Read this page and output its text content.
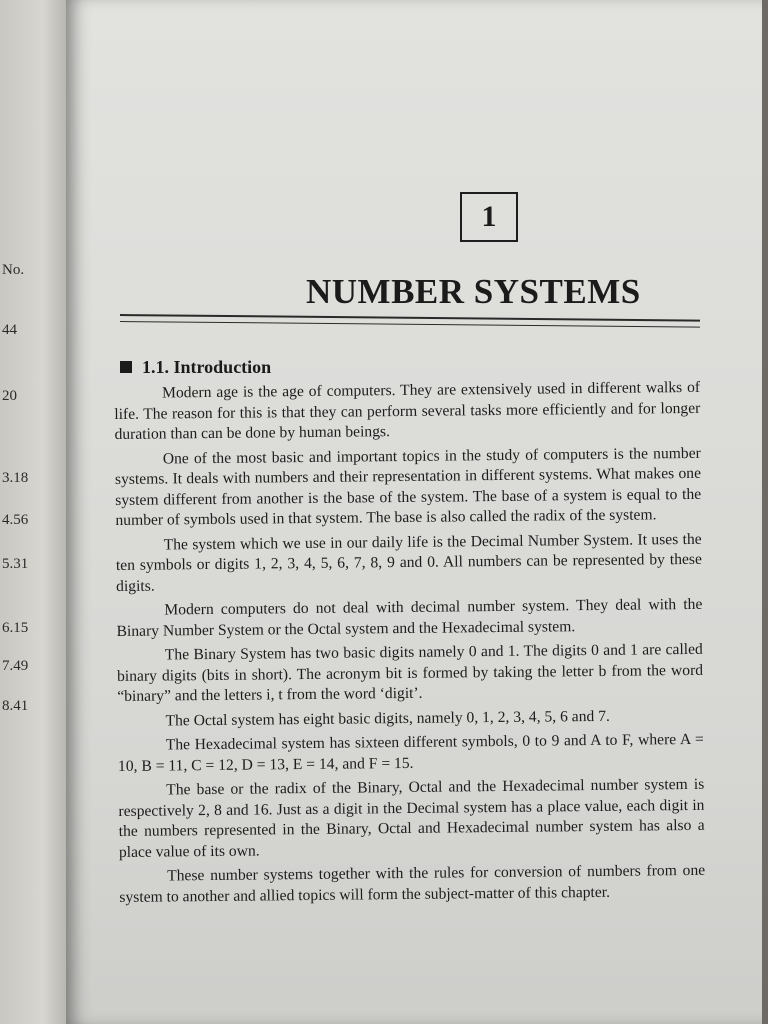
No.
44
20
3.18
4.56
5.31
6.15
7.49
8.41
1
NUMBER SYSTEMS
1.1. Introduction

Modern age is the age of computers. They are extensively used in different walks of life. The reason for this is that they can perform several tasks more efficiently and for longer duration than can be done by human beings.

One of the most basic and important topics in the study of computers is the number systems. It deals with numbers and their representation in different systems. What makes one system different from another is the base of the system. The base of a system is equal to the number of symbols used in that system. The base is also called the radix of the system.

The system which we use in our daily life is the Decimal Number System. It uses the ten symbols or digits 1, 2, 3, 4, 5, 6, 7, 8, 9 and 0. All numbers can be represented by these digits.

Modern computers do not deal with decimal number system. They deal with the Binary Number System or the Octal system and the Hexadecimal system.

The Binary System has two basic digits namely 0 and 1. The digits 0 and 1 are called binary digits (bits in short). The acronym bit is formed by taking the letter b from the word “binary” and the letters i, t from the word ‘digit’.

The Octal system has eight basic digits, namely 0, 1, 2, 3, 4, 5, 6 and 7.

The Hexadecimal system has sixteen different symbols, 0 to 9 and A to F, where A = 10, B = 11, C = 12, D = 13, E = 14, and F = 15.

The base or the radix of the Binary, Octal and the Hexadecimal number system is respectively 2, 8 and 16. Just as a digit in the Decimal system has a place value, each digit in the numbers represented in the Binary, Octal and Hexadecimal number system has also a place value of its own.

These number systems together with the rules for conversion of numbers from one system to another and allied topics will form the subject-matter of this chapter.
